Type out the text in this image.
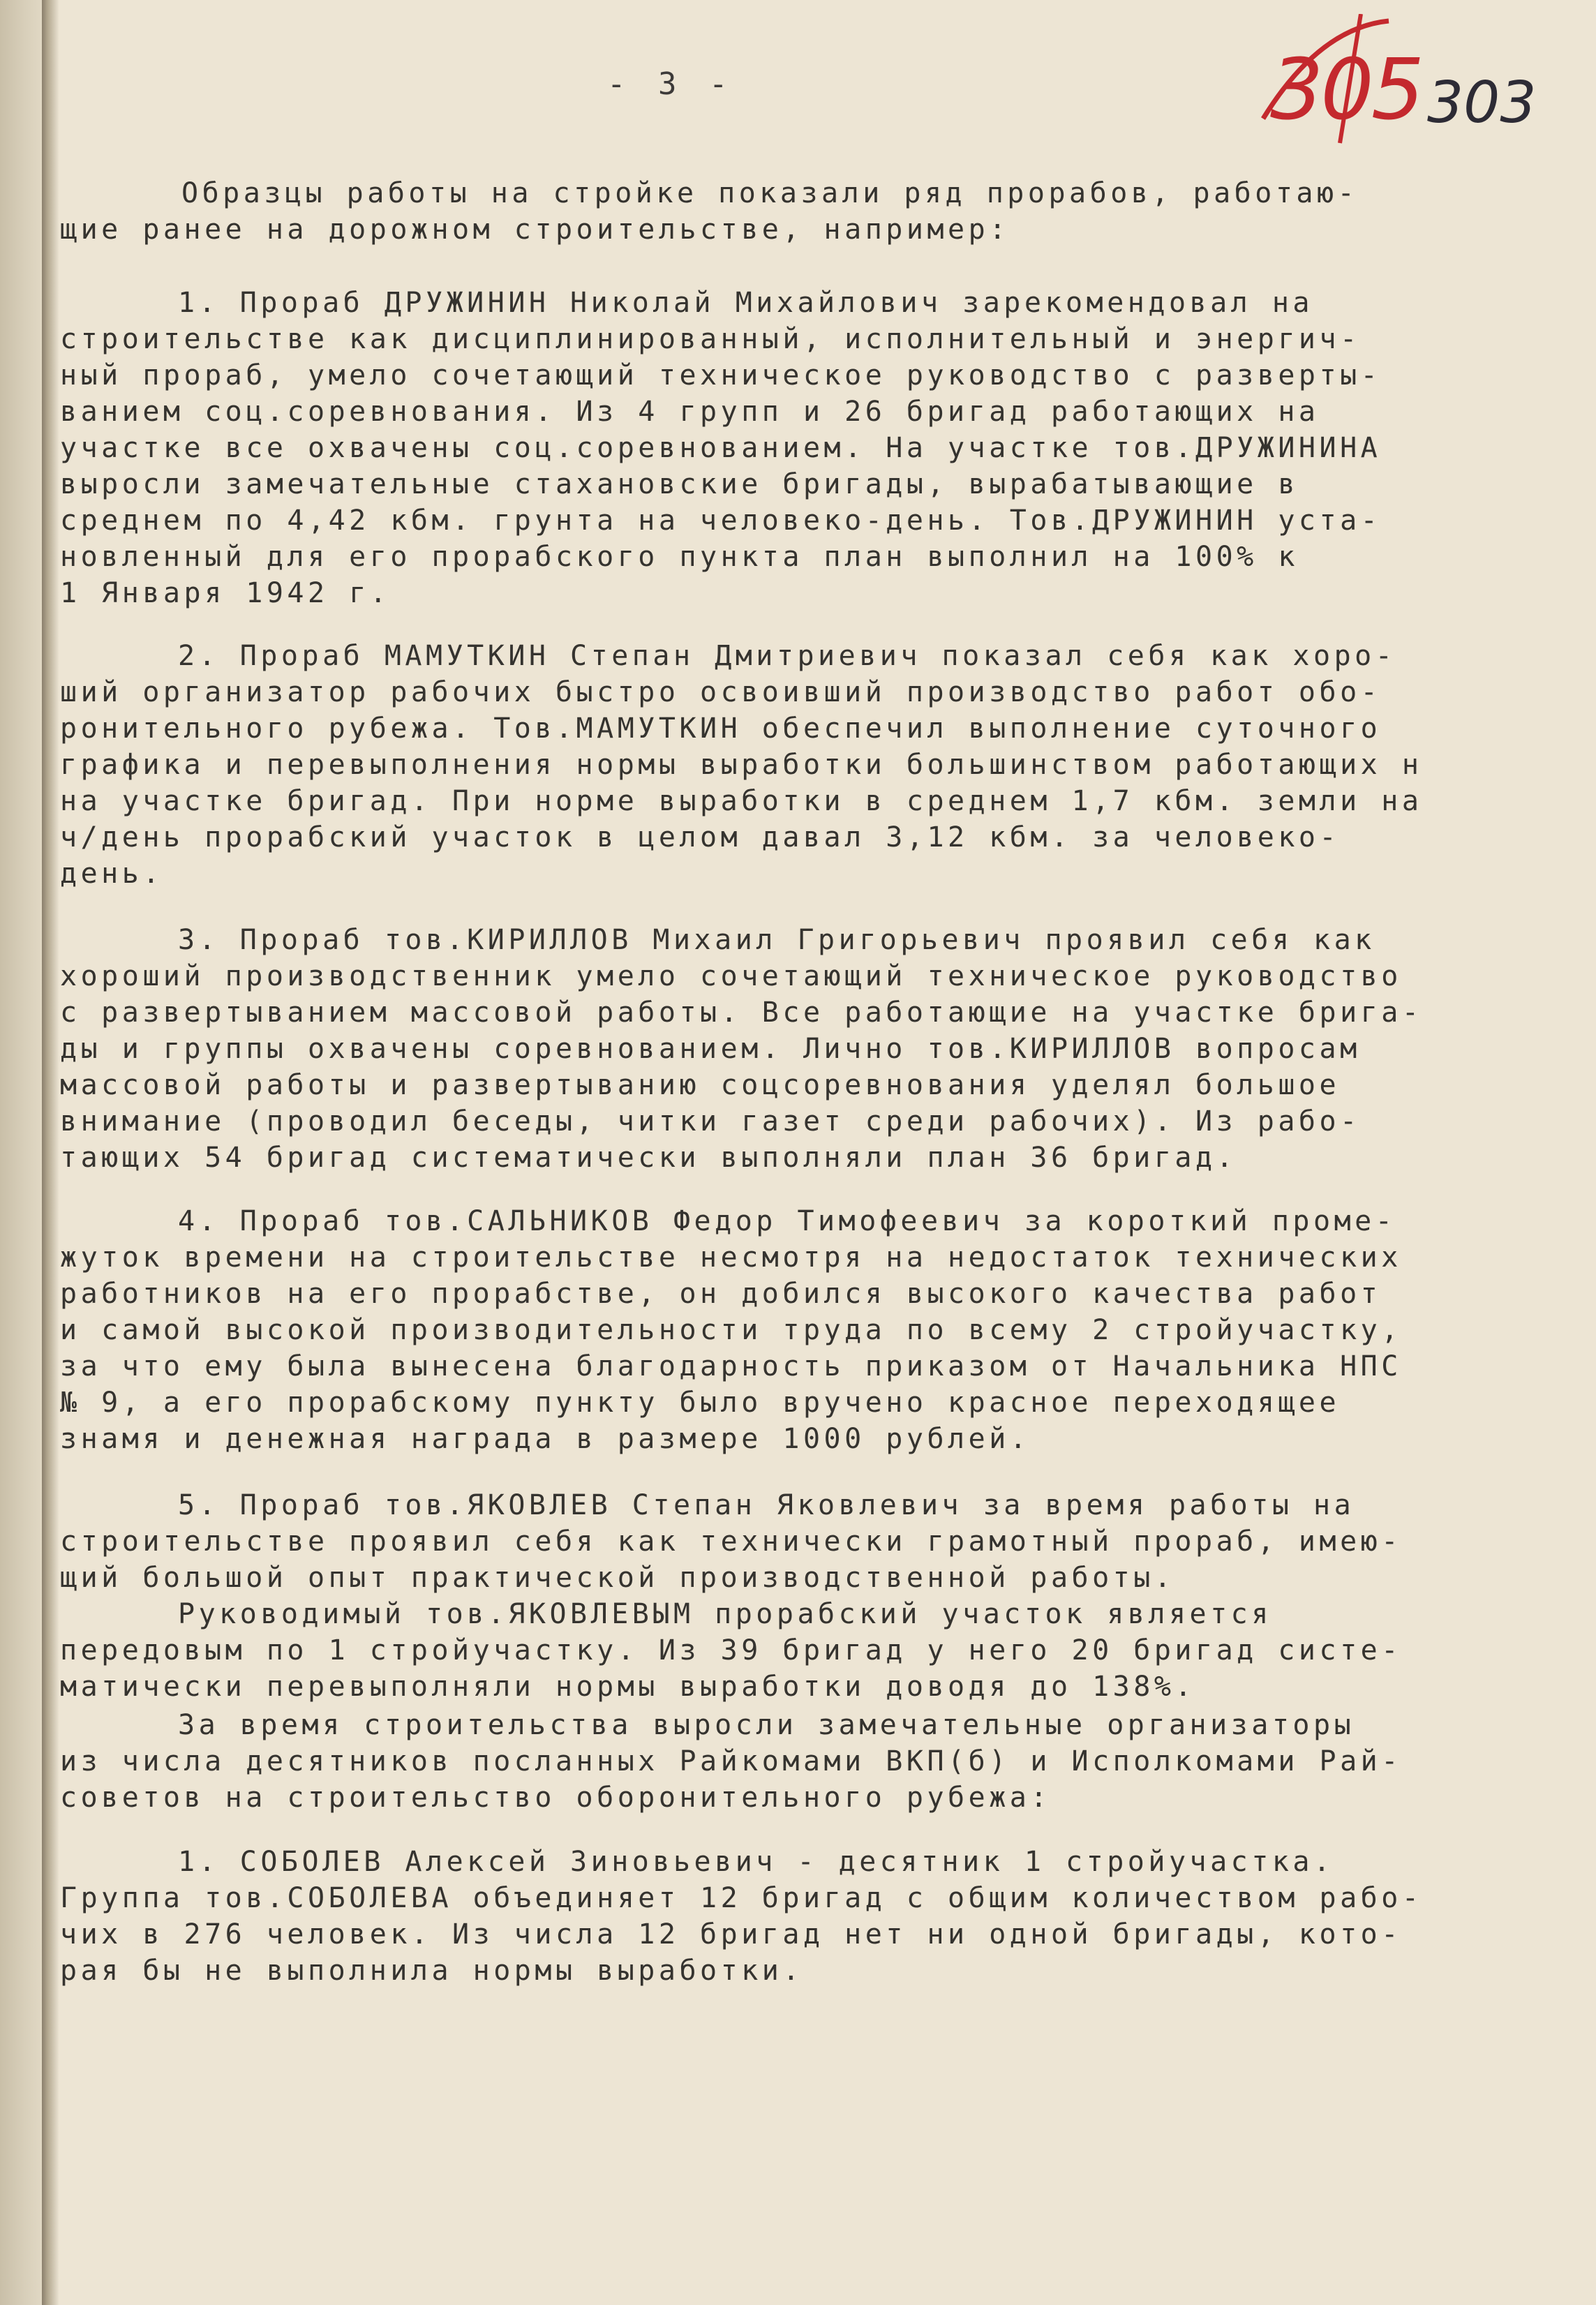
- 3 -	305 303
Образцы работы на стройке показали ряд прорабов, работаю-
щие ранее на дорожном строительстве, например:
1. Прораб ДРУЖИНИН Николай Михайлович зарекомендовал на
строительстве как дисциплинированный, исполнительный и энергич-
ный прораб, умело сочетающий техническое руководство с разверты-
ванием соц.соревнования. Из 4 групп и 26 бригад работающих на
участке все охвачены соц.соревнованием. На участке тов.ДРУЖИНИНА
выросли замечательные стахановские бригады, вырабатывающие в
среднем по 4,42 кбм. грунта на человеко-день. Тов.ДРУЖИНИН уста-
новленный для его прорабского пункта план выполнил на 100% к
1 Января 1942 г.
2. Прораб МАМУТКИН Степан Дмитриевич показал себя как хоро-
ший организатор рабочих быстро освоивший производство работ обо-
ронительного рубежа. Тов.МАМУТКИН обеспечил выполнение суточного
графика и перевыполнения нормы выработки большинством работающих н
на участке бригад. При норме выработки в среднем 1,7 кбм. земли на
ч/день прорабский участок в целом давал 3,12 кбм. за человеко-
день.
3. Прораб тов.КИРИЛЛОВ Михаил Григорьевич проявил себя как
хороший производственник умело сочетающий техническое руководство
с развертыванием массовой работы. Все работающие на участке брига-
ды и группы охвачены соревнованием. Лично тов.КИРИЛЛОВ вопросам
массовой работы и развертыванию соцсоревнования уделял большое
внимание (проводил беседы, читки газет среди рабочих). Из рабо-
тающих 54 бригад систематически выполняли план 36 бригад.
4. Прораб тов.САЛЬНИКОВ Федор Тимофеевич за короткий проме-
жуток времени на строительстве несмотря на недостаток технических
работников на его прорабстве, он добился высокого качества работ
и самой высокой производительности труда по всему 2 стройучастку,
за что ему была вынесена благодарность приказом от Начальника НПС
№ 9, а его прорабскому пункту было вручено красное переходящее
знамя и денежная награда в размере 1000 рублей.
5. Прораб тов.ЯКОВЛЕВ Степан Яковлевич за время работы на
строительстве проявил себя как технически грамотный прораб, имею-
щий большой опыт практической производственной работы.
Руководимый тов.ЯКОВЛЕВЫМ прорабский участок является
передовым по 1 стройучастку. Из 39 бригад у него 20 бригад систе-
матически перевыполняли нормы выработки доводя до 138%.
За время строительства выросли замечательные организаторы
из числа десятников посланных Райкомами ВКП(б) и Исполкомами Рай-
советов на строительство оборонительного рубежа:
1. СОБОЛЕВ Алексей Зиновьевич - десятник 1 стройучастка.
Группа тов.СОБОЛЕВА объединяет 12 бригад с общим количеством рабо-
чих в 276 человек. Из числа 12 бригад нет ни одной бригады, кото-
рая бы не выполнила нормы выработки.
